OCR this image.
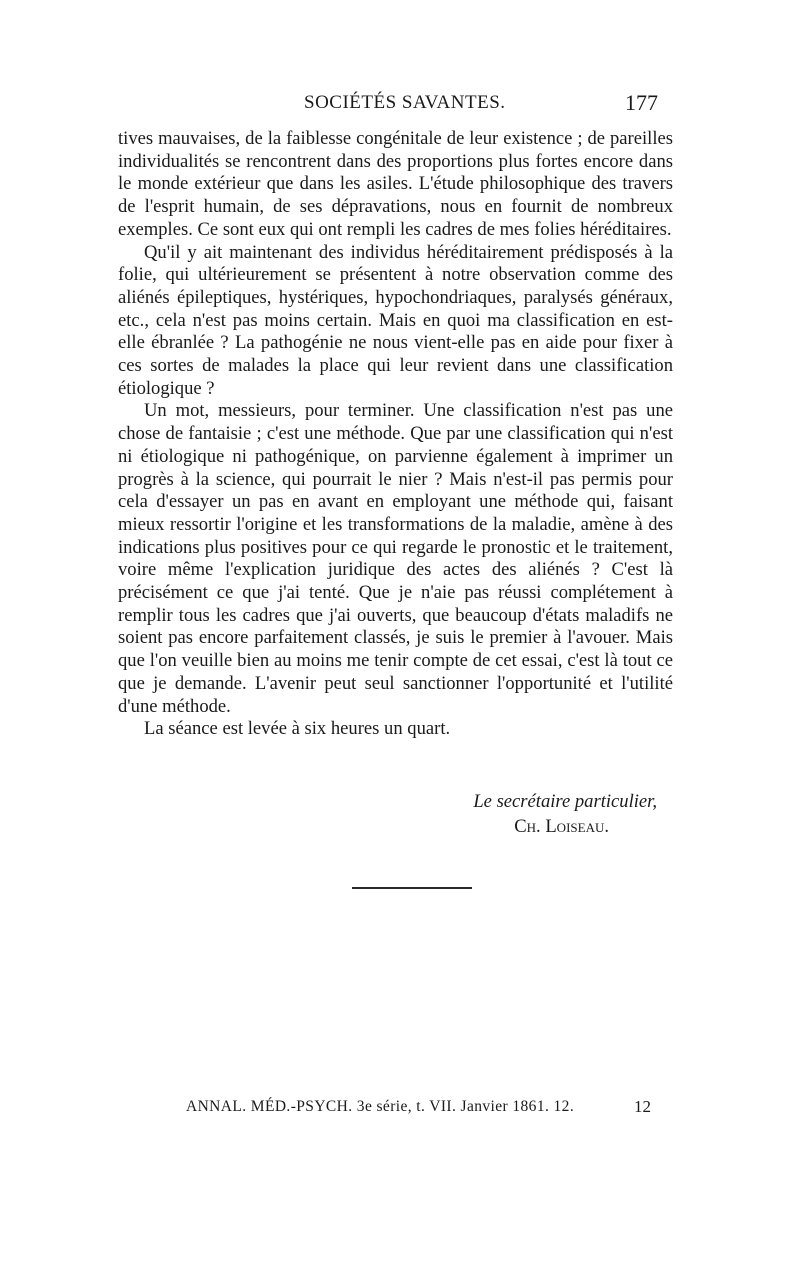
SOCIÉTÉS SAVANTES.	177

tives mauvaises, de la faiblesse congénitale de leur existence ; de pareilles individualités se rencontrent dans des proportions plus fortes encore dans le monde extérieur que dans les asiles. L'étude philosophique des travers de l'esprit humain, de ses dépravations, nous en fournit de nombreux exemples. Ce sont eux qui ont rempli les cadres de mes folies héréditaires.

Qu'il y ait maintenant des individus héréditairement prédisposés à la folie, qui ultérieurement se présentent à notre observation comme des aliénés épileptiques, hystériques, hypochondriaques, paralysés généraux, etc., cela n'est pas moins certain. Mais en quoi ma classification en est-elle ébranlée ? La pathogénie ne nous vient-elle pas en aide pour fixer à ces sortes de malades la place qui leur revient dans une classification étiologique ?

Un mot, messieurs, pour terminer. Une classification n'est pas une chose de fantaisie ; c'est une méthode. Que par une classification qui n'est ni étiologique ni pathogénique, on parvienne également à imprimer un progrès à la science, qui pourrait le nier ? Mais n'est-il pas permis pour cela d'essayer un pas en avant en employant une méthode qui, faisant mieux ressortir l'origine et les transformations de la maladie, amène à des indications plus positives pour ce qui regarde le pronostic et le traitement, voire même l'explication juridique des actes des aliénés ? C'est là précisément ce que j'ai tenté. Que je n'aie pas réussi complétement à remplir tous les cadres que j'ai ouverts, que beaucoup d'états maladifs ne soient pas encore parfaitement classés, je suis le premier à l'avouer. Mais que l'on veuille bien au moins me tenir compte de cet essai, c'est là tout ce que je demande. L'avenir peut seul sanctionner l'opportunité et l'utilité d'une méthode.

La séance est levée à six heures un quart.

Le secrétaire particulier,
Ch. Loiseau.
ANNAL. MÉD.-PSYCH. 3e série, t. VII. Janvier 1861. 12.	12
